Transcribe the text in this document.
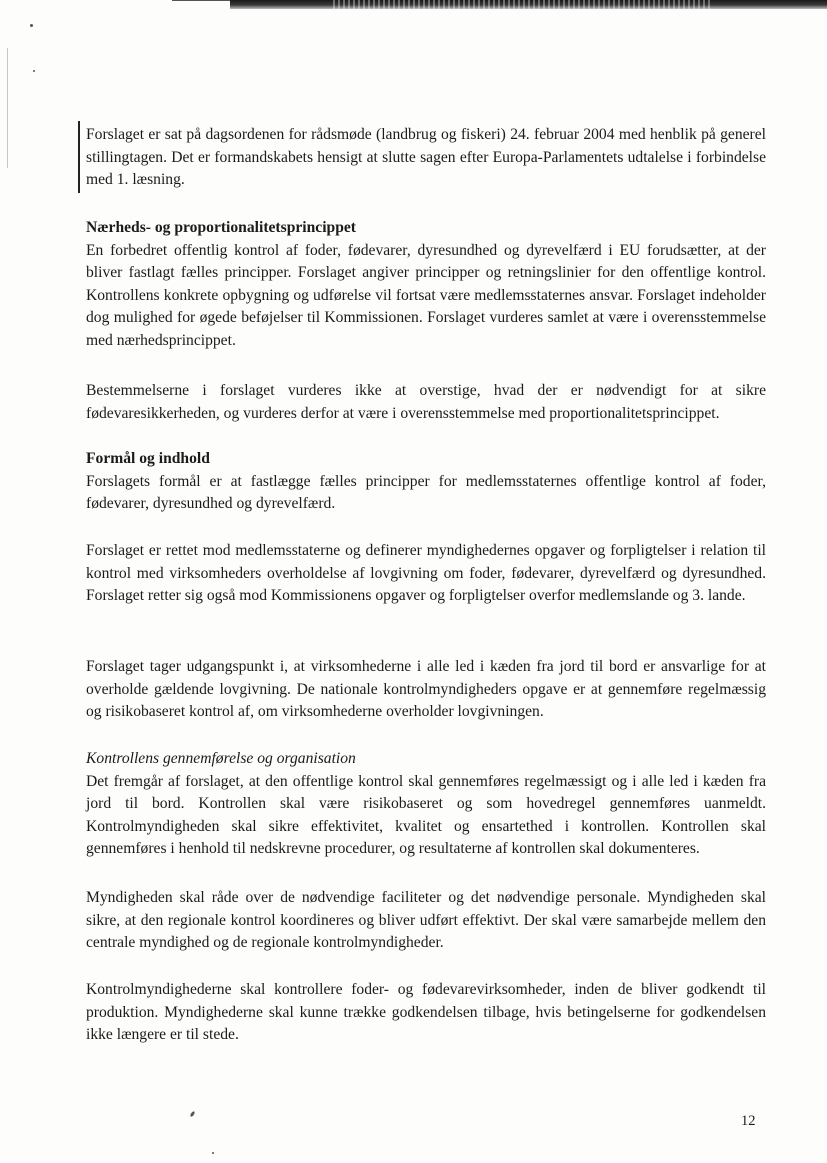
Forslaget er sat på dagsordenen for rådsmøde (landbrug og fiskeri) 24. februar 2004 med henblik på generel stillingtagen. Det er formandskabets hensigt at slutte sagen efter Europa-Parlamentets udtalelse i forbindelse med 1. læsning.

Nærheds- og proportionalitetsprincippet

En forbedret offentlig kontrol af foder, fødevarer, dyresundhed og dyrevelfærd i EU forudsætter, at der bliver fastlagt fælles principper. Forslaget angiver principper og retningslinier for den offentlige kontrol. Kontrollens konkrete opbygning og udførelse vil fortsat være medlemsstaternes ansvar. Forslaget indeholder dog mulighed for øgede beføjelser til Kommissionen. Forslaget vurderes samlet at være i overensstemmelse med nærhedsprincippet.

Bestemmelserne i forslaget vurderes ikke at overstige, hvad der er nødvendigt for at sikre fødevaresikkerheden, og vurderes derfor at være i overensstemmelse med proportionalitetsprincippet.

Formål og indhold

Forslagets formål er at fastlægge fælles principper for medlemsstaternes offentlige kontrol af foder, fødevarer, dyresundhed og dyrevelfærd.

Forslaget er rettet mod medlemsstaterne og definerer myndighedernes opgaver og forpligtelser i relation til kontrol med virksomheders overholdelse af lovgivning om foder, fødevarer, dyrevelfærd og dyresundhed. Forslaget retter sig også mod Kommissionens opgaver og forpligtelser overfor medlemslande og 3. lande.

Forslaget tager udgangspunkt i, at virksomhederne i alle led i kæden fra jord til bord er ansvarlige for at overholde gældende lovgivning. De nationale kontrolmyndigheders opgave er at gennemføre regelmæssig og risikobaseret kontrol af, om virksomhederne overholder lovgivningen.

Kontrollens gennemførelse og organisation

Det fremgår af forslaget, at den offentlige kontrol skal gennemføres regelmæssigt og i alle led i kæden fra jord til bord. Kontrollen skal være risikobaseret og som hovedregel gennemføres uanmeldt. Kontrolmyndigheden skal sikre effektivitet, kvalitet og ensartethed i kontrollen. Kontrollen skal gennemføres i henhold til nedskrevne procedurer, og resultaterne af kontrollen skal dokumenteres.

Myndigheden skal råde over de nødvendige faciliteter og det nødvendige personale. Myndigheden skal sikre, at den regionale kontrol koordineres og bliver udført effektivt. Der skal være samarbejde mellem den centrale myndighed og de regionale kontrolmyndigheder.

Kontrolmyndighederne skal kontrollere foder- og fødevarevirksomheder, inden de bliver godkendt til produktion. Myndighederne skal kunne trække godkendelsen tilbage, hvis betingelserne for godkendelsen ikke længere er til stede.

12
